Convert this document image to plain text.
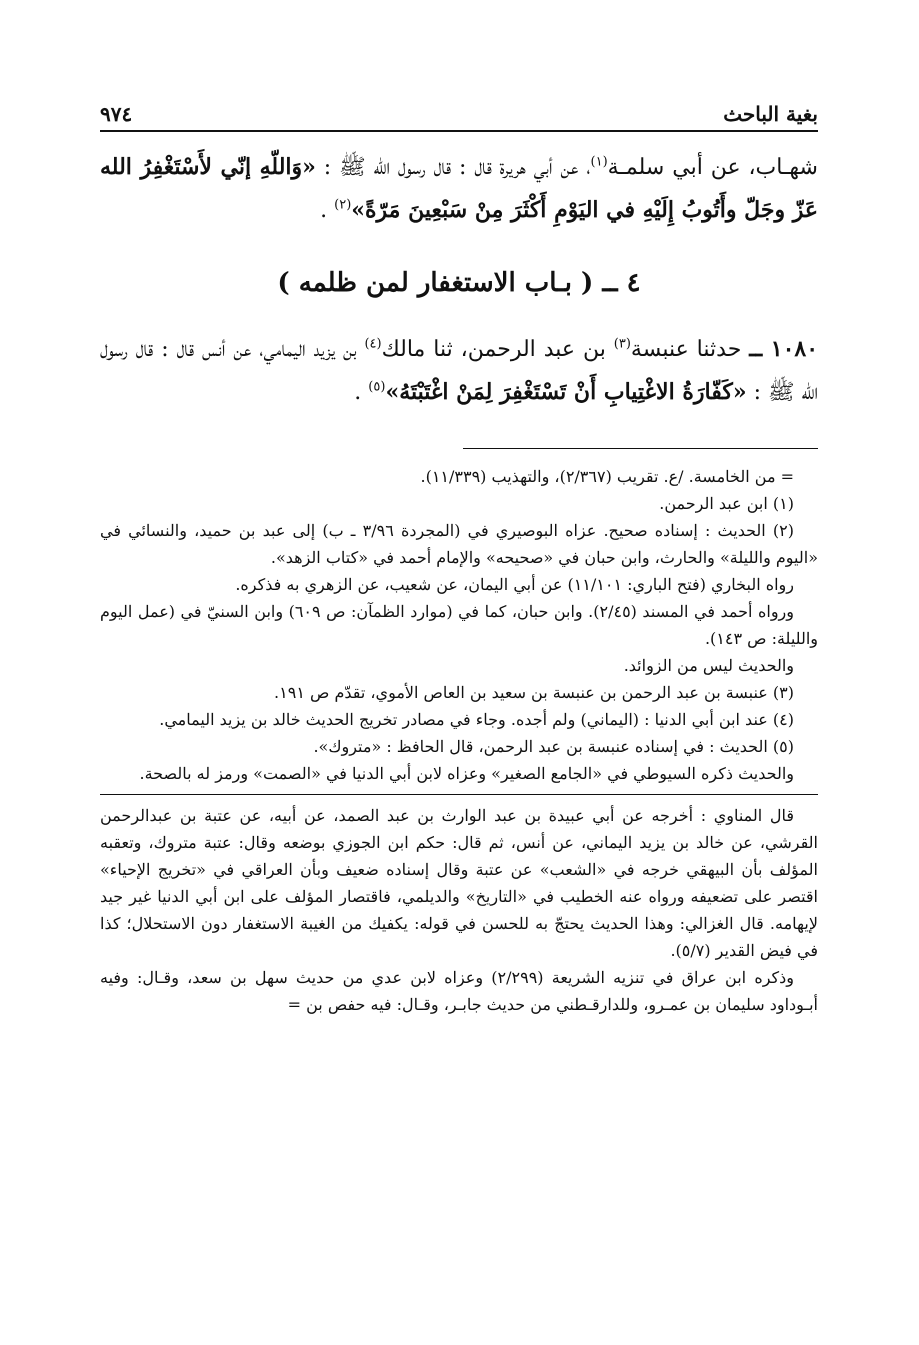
بغية الباحث
٩٧٤

شهـاب، عن أبي سلمـة$^{(١)}$، عن أبي هريرة قال : قال رسول الله ﷺ : «وَاللّهِ إنّي لأَسْتَغْفِرُ الله عَزّ وجَلّ وأَتُوبُ إِلَيْهِ في اليَوْمِ أَكْثَرَ مِنْ سَبْعِينَ مَرّةً»$^{(٢)}$ .

٤ ــ ( بـاب الاستغفار لمن ظلمه )

١٠٨٠ ــ حدثنا عنبسة$^{(٣)}$ بن عبد الرحمن، ثنا مالك$^{(٤)}$ بن يزيد اليمامي، عن أنس قال : قال رسول الله ﷺ : «كَفّارَةُ الاغْتِيابِ أَنْ تَسْتَغْفِرَ لِمَنْ اغْتَبْتَهُ»$^{(٥)}$ .

= من الخامسة. /ع. تقريب (٢/٣٦٧)، والتهذيب (١١/٣٣٩).

(١) ابن عبد الرحمن.

(٢) الحديث : إسناده صحيح. عزاه البوصيري في (المجردة ٣/٩٦ ـ ب) إلى عبد بن حميد، والنسائي في «اليوم والليلة» والحارث، وابن حبان في «صحيحه» والإمام أحمد في «كتاب الزهد».

رواه البخاري (فتح الباري: ١١/١٠١) عن أبي اليمان، عن شعيب، عن الزهري به فذكره.

ورواه أحمد في المسند (٢/٤٥). وابن حبان، كما في (موارد الظمآن: ص ٦٠٩) وابن السنيّ في (عمل اليوم والليلة: ص ١٤٣).

والحديث ليس من الزوائد.

(٣) عنبسة بن عبد الرحمن بن عنبسة بن سعيد بن العاص الأموي، تقدّم ص ١٩١.

(٤) عند ابن أبي الدنيا : (اليماني) ولم أجده. وجاء في مصادر تخريج الحديث خالد بن يزيد اليمامي.

(٥) الحديث : في إسناده عنبسة بن عبد الرحمن، قال الحافظ : «متروك».

والحديث ذكره السيوطي في «الجامع الصغير» وعزاه لابن أبي الدنيا في «الصمت» ورمز له بالصحة.

قال المناوي : أخرجه عن أبي عبيدة بن عبد الوارث بن عبد الصمد، عن أبيه، عن عتبة بن عبدالرحمن القرشي، عن خالد بن يزيد اليماني، عن أنس، ثم قال: حكم ابن الجوزي بوضعه وقال: عتبة متروك، وتعقبه المؤلف بأن البيهقي خرجه في «الشعب» عن عتبة وقال إسناده ضعيف وبأن العراقي في «تخريج الإحياء» اقتصر على تضعيفه ورواه عنه الخطيب في «التاريخ» والديلمي، فاقتصار المؤلف على ابن أبي الدنيا غير جيد لإيهامه. قال الغزالي: وهذا الحديث يحتجّ به للحسن في قوله: يكفيك من الغيبة الاستغفار دون الاستحلال؛ كذا في فيض القدير (٥/٧).

وذكره ابن عراق في تنزيه الشريعة (٢/٢٩٩) وعزاه لابن عدي من حديث سهل بن سعد، وقـال: وفيه أبـوداود سليمان بن عمـرو، وللدارقـطني من حديث جابـر، وقـال: فيه حفص بن =
